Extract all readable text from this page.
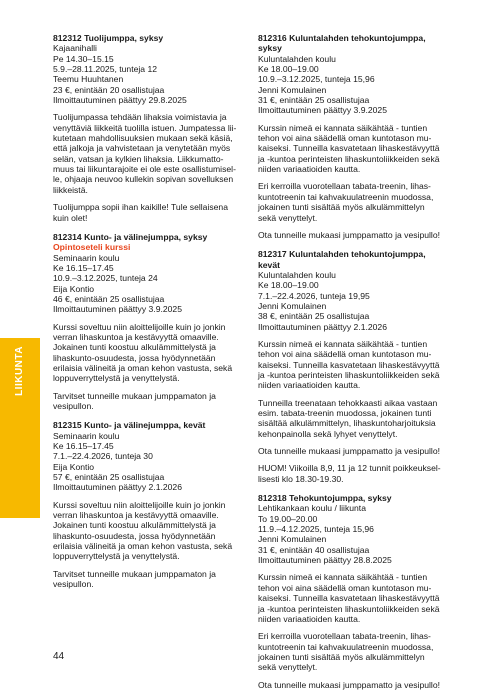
812312 Tuolijumppa, syksy
Kajaanihalli
Pe 14.30–15.15
5.9.–28.11.2025, tunteja 12
Teemu Huuhtanen
23 €, enintään 20 osallistujaa
Ilmoittautuminen päättyy 29.8.2025
Tuolijumpassa tehdään lihaksia voimistavia ja
venyttäviä liikkeitä tuolilla istuen. Jumpatessa lii-
kutetaan mahdollisuuksien mukaan sekä käsiä,
että jalkoja ja vahvistetaan ja venytetään myös
selän, vatsan ja kylkien lihaksia. Liikkumatto-
muus tai liikuntarajoite ei ole este osallistumisel-
le, ohjaaja neuvoo kullekin sopivan sovelluksen
liikkeistä.
Tuolijumppa sopii ihan kaikille! Tule sellaisena
kuin olet!
812314 Kunto- ja välinejumppa, syksy
Opintoseteli kurssi
Seminaarin koulu
Ke 16.15–17.45
10.9.–3.12.2025, tunteja 24
Eija Kontio
46 €, enintään 25 osallistujaa
Ilmoittautuminen päättyy 3.9.2025
Kurssi soveltuu niin aloittelijoille kuin jo jonkin
verran lihaskuntoa ja kestävyyttä omaaville.
Jokainen tunti koostuu alkulämmittelystä ja
lihaskunto-osuudesta, jossa hyödynnetään
erilaisia välineitä ja oman kehon vastusta, sekä
loppuverryttelystä ja venyttelystä.
Tarvitset tunneille mukaan jumppamaton ja
vesipullon.
812315 Kunto- ja välinejumppa, kevät
Seminaarin koulu
Ke 16.15–17.45
7.1.–22.4.2026, tunteja 30
Eija Kontio
57 €, enintään 25 osallistujaa
Ilmoittautuminen päättyy 2.1.2026
Kurssi soveltuu niin aloittelijoille kuin jo jonkin
verran lihaskuntoa ja kestävyyttä omaaville.
Jokainen tunti koostuu alkulämmittelystä ja
lihaskunto-osuudesta, jossa hyödynnetään
erilaisia välineitä ja oman kehon vastusta, sekä
loppuverryttelystä ja venyttelystä.
Tarvitset tunneille mukaan jumppamaton ja
vesipullon.
812316 Kuluntalahden tehokuntojumppa, syksy
Kuluntalahden koulu
Ke 18.00–19.00
10.9.–3.12.2025, tunteja 15,96
Jenni Komulainen
31 €, enintään 25 osallistujaa
Ilmoittautuminen päättyy 3.9.2025
Kurssin nimeä ei kannata säikähtää - tuntien
tehon voi aina säädellä oman kuntotason mu-
kaiseksi. Tunneilla kasvatetaan lihaskestävyyttä
ja -kuntoa perinteisten lihaskuntoliikkeiden sekä
niiden variaatioiden kautta.
Eri kerroilla vuorotellaan tabata-treenin, lihas-
kuntotreenin tai kahvakuulatreenin muodossa,
jokainen tunti sisältää myös alkulämmittelyn
sekä venyttelyt.
Ota tunneille mukaasi jumppamatto ja vesipullo!
812317 Kuluntalahden tehokuntojumppa, kevät
Kuluntalahden koulu
Ke 18.00–19.00
7.1.–22.4.2026, tunteja 19,95
Jenni Komulainen
38 €, enintään 25 osallistujaa
Ilmoittautuminen päättyy 2.1.2026
Kurssin nimeä ei kannata säikähtää - tuntien
tehon voi aina säädellä oman kuntotason mu-
kaiseksi. Tunneilla kasvatetaan lihaskestävyyttä
ja -kuntoa perinteisten lihaskuntoliikkeiden sekä
niiden variaatioiden kautta.
Tunneilla treenataan tehokkaasti aikaa vastaan
esim. tabata-treenin muodossa, jokainen tunti
sisältää alkulämmittelyn, lihaskuntoharjoituksia
kehonpainolla sekä lyhyet venyttelyt.
Ota tunneille mukaasi jumppamatto ja vesipullo!
HUOM! Viikoilla 8,9, 11 ja 12 tunnit poikkeuksel-
lisesti klo 18.30-19.30.
812318 Tehokuntojumppa, syksy
Lehtikankaan koulu / liikunta
To 19.00–20.00
11.9.–4.12.2025, tunteja 15,96
Jenni Komulainen
31 €, enintään 40 osallistujaa
Ilmoittautuminen päättyy 28.8.2025
Kurssin nimeä ei kannata säikähtää - tuntien
tehon voi aina säädellä oman kuntotason mu-
kaiseksi. Tunneilla kasvatetaan lihaskestävyyttä
ja -kuntoa perinteisten lihaskuntoliikkeiden sekä
niiden variaatioiden kautta.
Eri kerroilla vuorotellaan tabata-treenin, lihas-
kuntotreenin tai kahvakuulatreenin muodossa,
jokainen tunti sisältää myös alkulämmittelyn
sekä venyttelyt.
Ota tunneille mukaasi jumppamatto ja vesipullo!
LIIKUNTA
44
